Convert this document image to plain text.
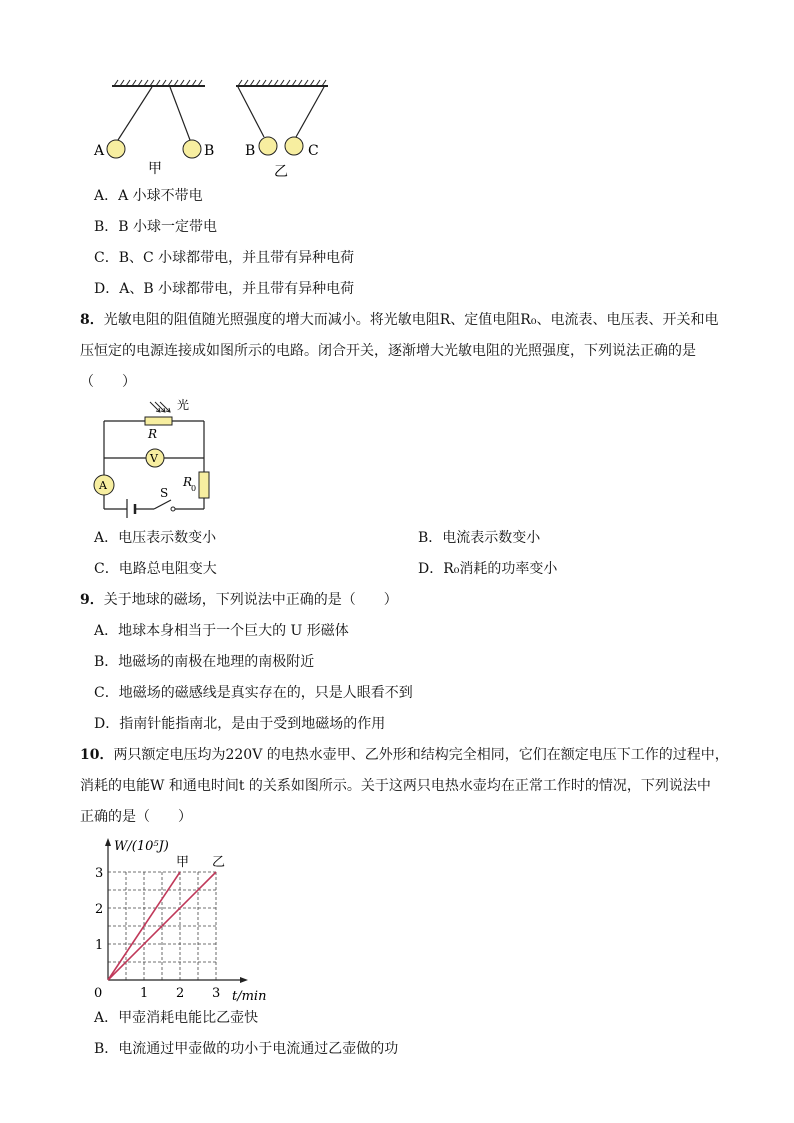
A	B
甲
B	C
乙
A．A 小球不带电
B．B 小球一定带电
C．B、C 小球都带电，并且带有异种电荷
D．A、B 小球都带电，并且带有异种电荷
8．光敏电阻的阻值随光照强度的增大而减小。将光敏电阻R、定值电阻R₀、电流表、电压表、开关和电
压恒定的电源连接成如图所示的电路。闭合开关，逐渐增大光敏电阻的光照强度，下列说法正确的是
（　　）
光
R
V
A	R
0
S
A．电压表示数变小	B．电流表示数变小
C．电路总电阻变大	D．R₀消耗的功率变小
9．关于地球的磁场，下列说法中正确的是（　　）
A．地球本身相当于一个巨大的 U 形磁体
B．地磁场的南极在地理的南极附近
C．地磁场的磁感线是真实存在的，只是人眼看不到
D．指南针能指南北，是由于受到地磁场的作用
10．两只额定电压均为220V 的电热水壶甲、乙外形和结构完全相同，它们在额定电压下工作的过程中，
消耗的电能W 和通电时间t 的关系如图所示。关于这两只电热水壶均在正常工作时的情况，下列说法中
正确的是（　　）
甲 乙
0	1 2 3
1
2
3
t/min
W/(10⁵J)
A．甲壶消耗电能比乙壶快
B．电流通过甲壶做的功小于电流通过乙壶做的功
